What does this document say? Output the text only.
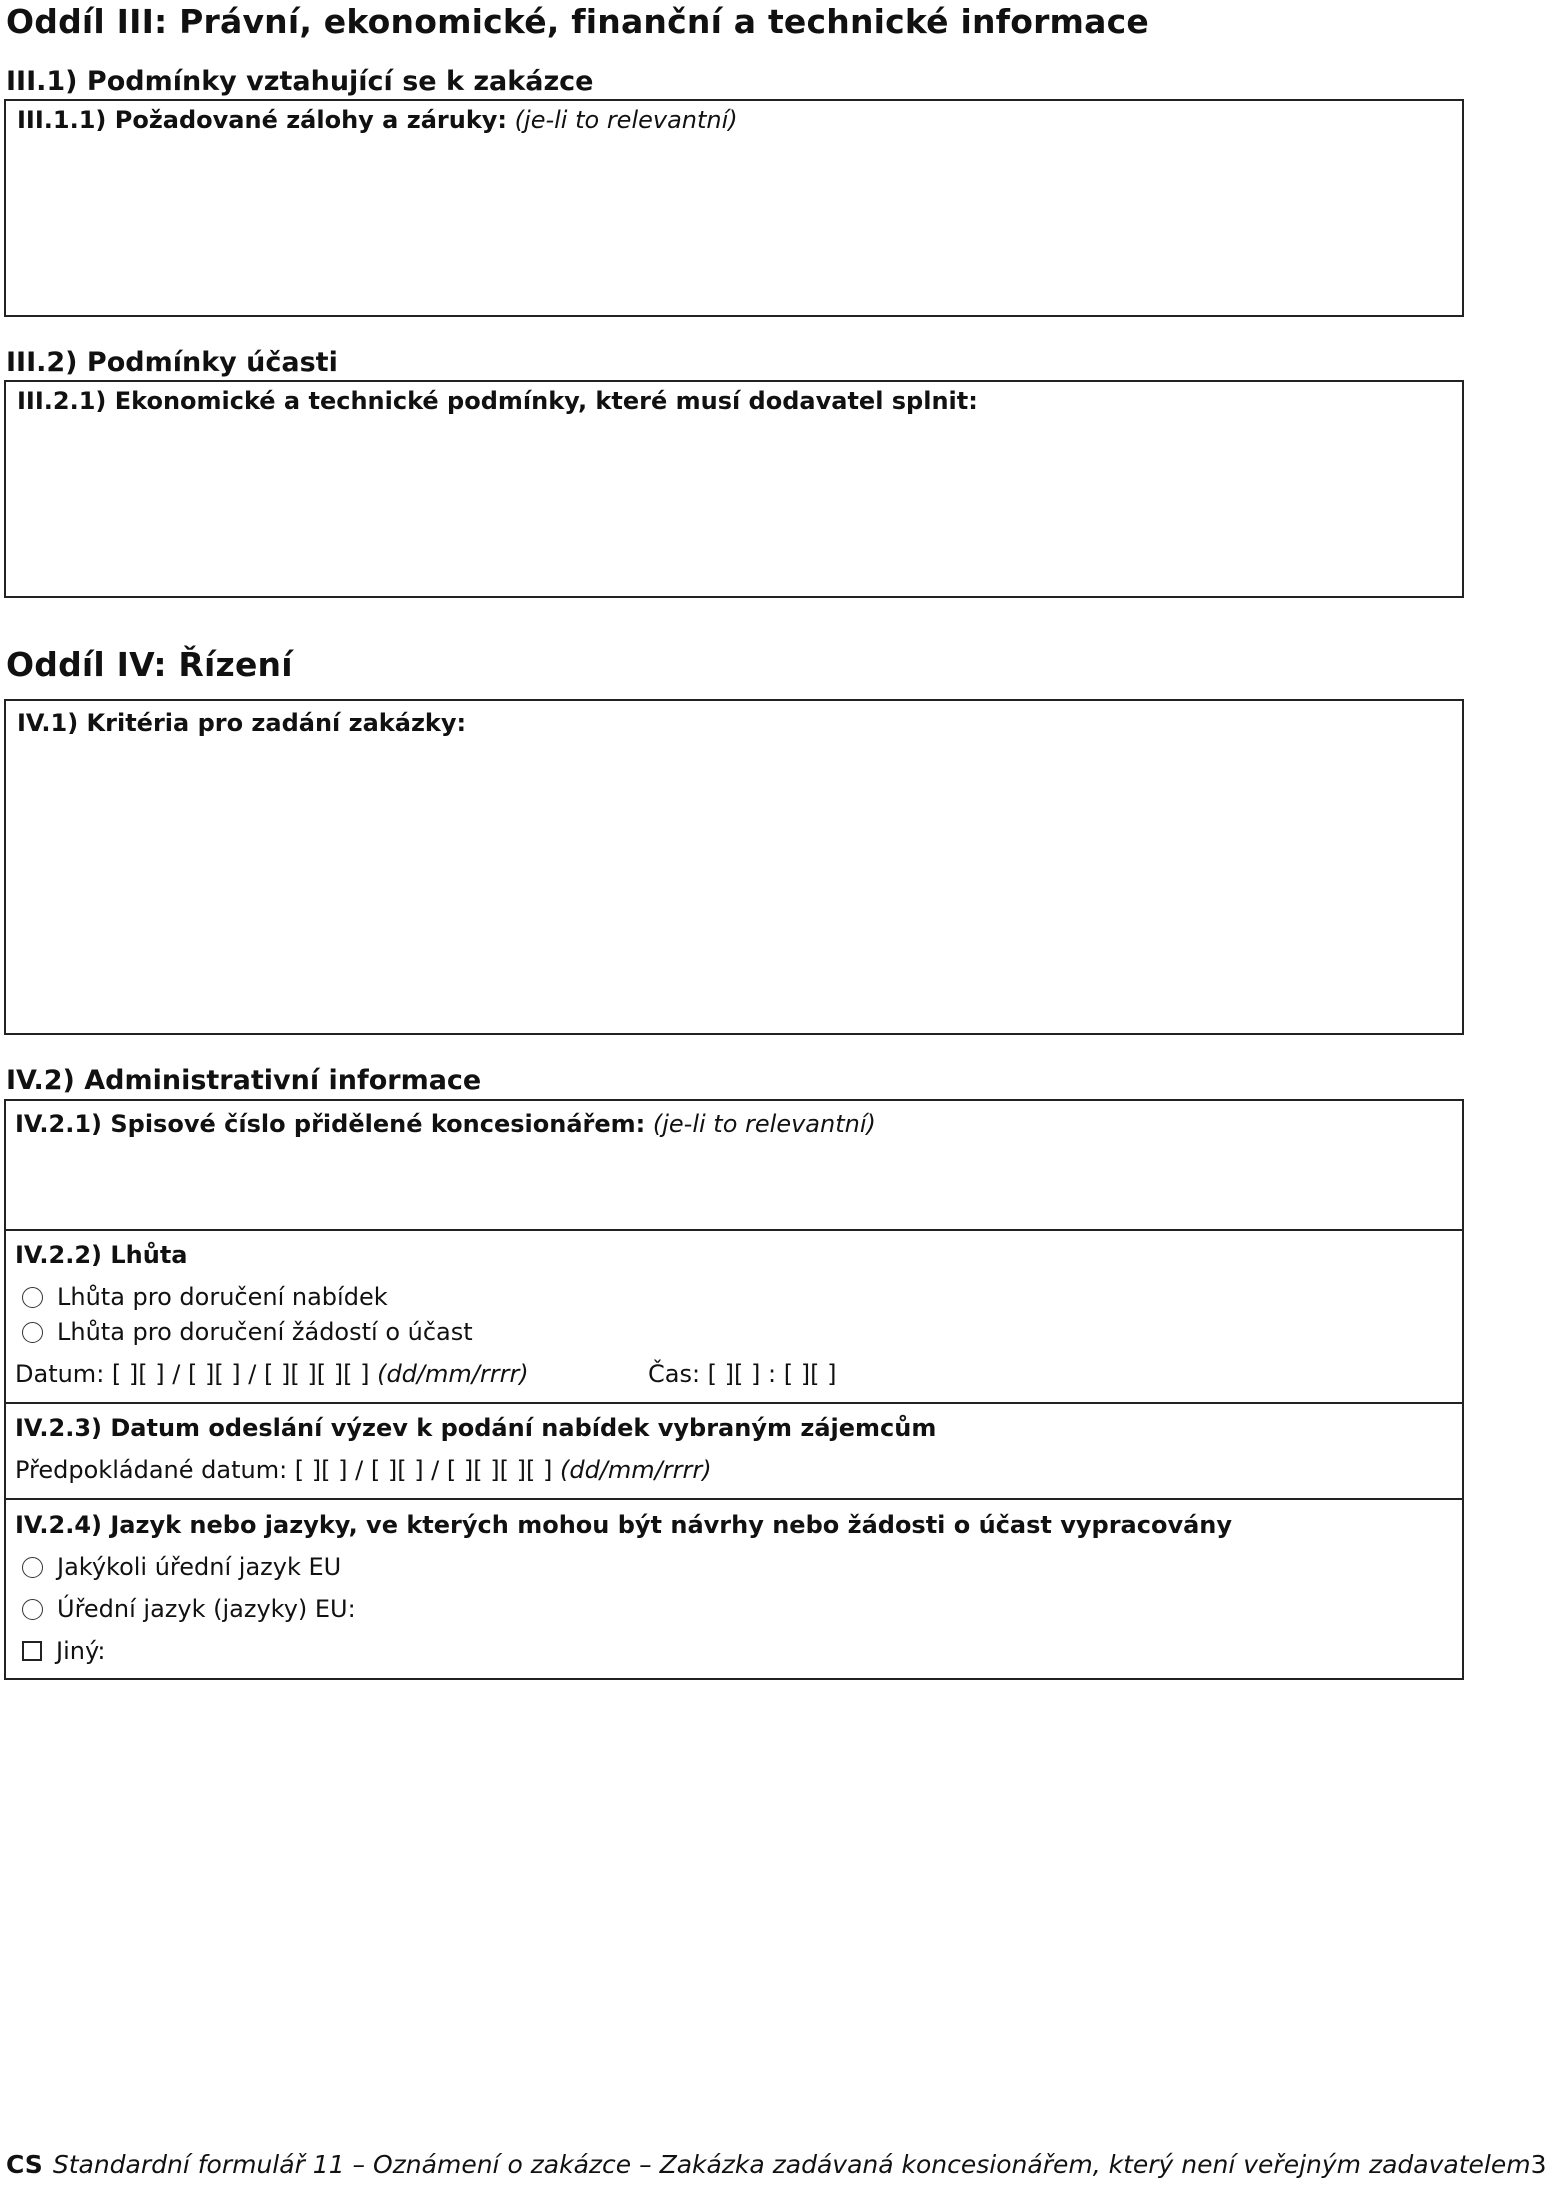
Oddíl III: Právní, ekonomické, finanční a technické informace
III.1) Podmínky vztahující se k zakázce
III.1.1) Požadované zálohy a záruky: (je-li to relevantní)
III.2) Podmínky účasti
III.2.1) Ekonomické a technické podmínky, které musí dodavatel splnit:
Oddíl IV: Řízení
IV.1) Kritéria pro zadání zakázky:
IV.2) Administrativní informace
IV.2.1) Spisové číslo přidělené koncesionářem: (je-li to relevantní)
IV.2.2) Lhůta
Lhůta pro doručení nabídek
Lhůta pro doručení žádostí o účast
Datum: [ ][ ] / [ ][ ] / [ ][ ][ ][ ] (dd/mm/rrrr)	Čas: [ ][ ] : [ ][ ]
IV.2.3) Datum odeslání výzev k podání nabídek vybraným zájemcům
Předpokládané datum: [ ][ ] / [ ][ ] / [ ][ ][ ][ ] (dd/mm/rrrr)
IV.2.4) Jazyk nebo jazyky, ve kterých mohou být návrhy nebo žádosti o účast vypracovány
Jakýkoli úřední jazyk EU
Úřední jazyk (jazyky) EU:
Jiný:
CS Standardní formulář 11 – Oznámení o zakázce – Zakázka zadávaná koncesionářem, který není veřejným zadavatelem 3
